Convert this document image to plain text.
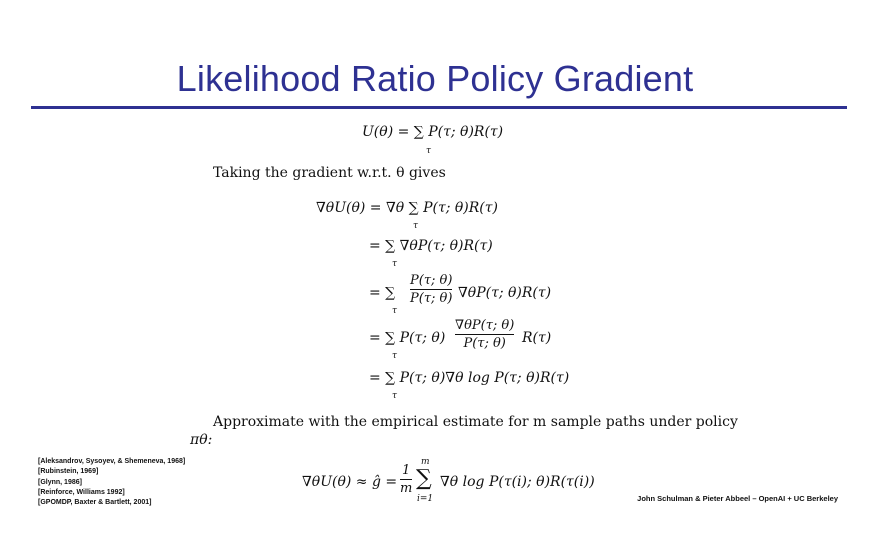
Likelihood Ratio Policy Gradient
U(θ) = ∑ P(τ; θ)R(τ)
τ
Taking the gradient w.r.t. θ gives
∇θU(θ) = ∇θ ∑ P(τ; θ)R(τ)
τ
= ∑ ∇θP(τ; θ)R(τ)
τ
= ∑
P(τ; θ)
P(τ; θ) ∇θP(τ; θ)R(τ)
τ
= ∑ P(τ; θ)
∇θP(τ; θ)
P(τ; θ) R(τ)
τ
= ∑ P(τ; θ)∇θ log P(τ; θ)R(τ)
τ
Approximate with the empirical estimate for m sample paths under policy
πθ:
∇θU(θ) ≈ ĝ =
1
m
m
∑
i=1
∇θ log P(τ(i); θ)R(τ(i))
[Aleksandrov, Sysoyev, & Shemeneva, 1968]
[Rubinstein, 1969]
[Glynn, 1986]
[Reinforce, Williams 1992]
[GPOMDP, Baxter & Bartlett, 2001]	John Schulman & Pieter Abbeel – OpenAI + UC Berkeley
